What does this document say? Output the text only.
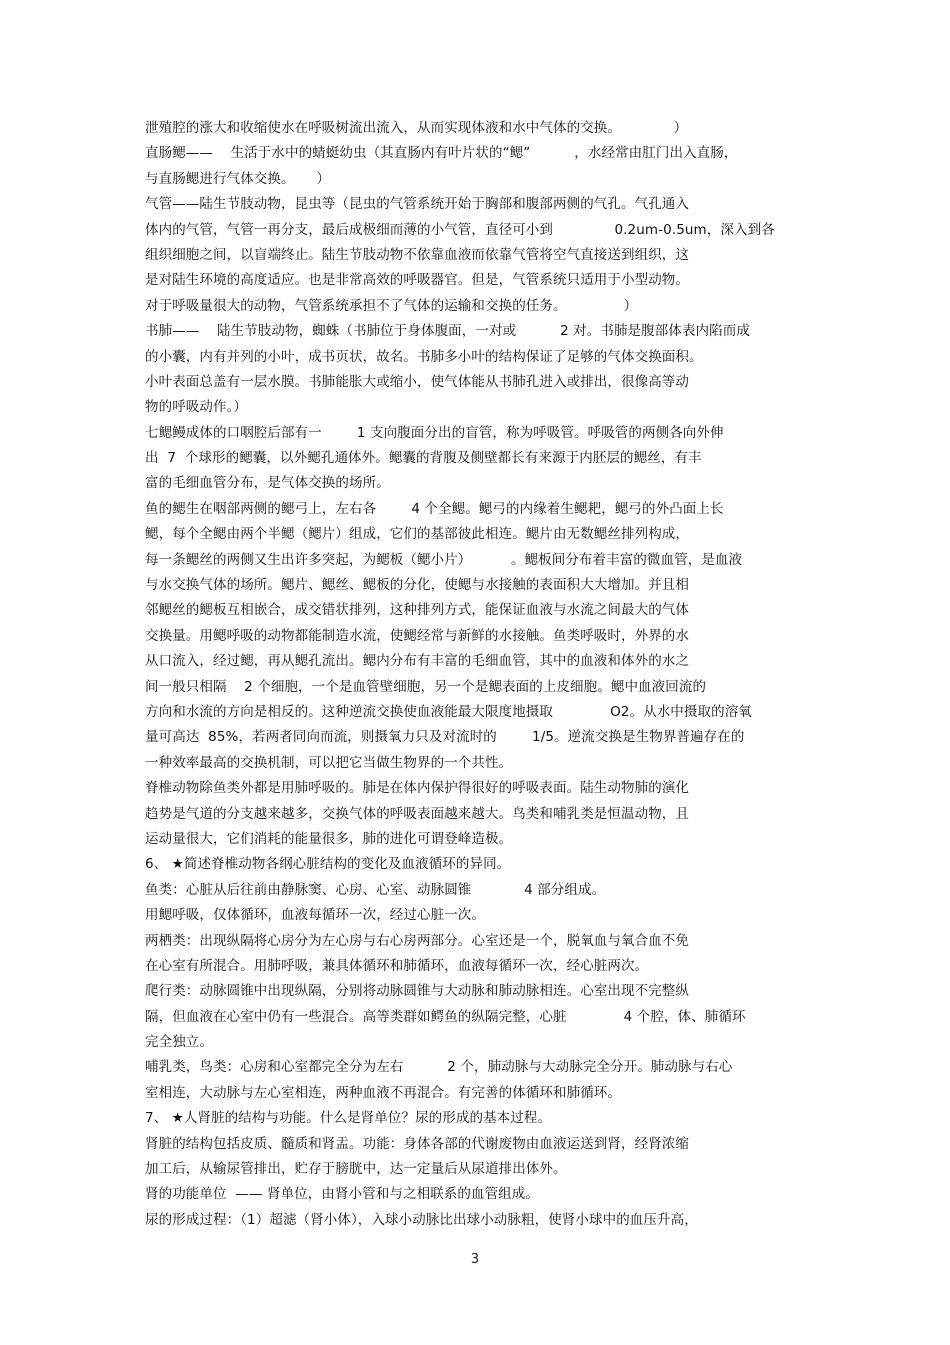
泄殖腔的涨大和收缩使水在呼吸树流出流入，从而实现体液和水中气体的交换。            ）
直肠鳃——    生活于水中的蜻蜓幼虫（其直肠内有叶片状的“鳃”          ，水经常由肛门出入直肠，
与直肠鳃进行气体交换。     ）
气管——陆生节肢动物，昆虫等（昆虫的气管系统开始于胸部和腹部两侧的气孔。气孔通入
体内的气管，气管一再分支，最后成极细而薄的小气管，直径可小到              0.2um-0.5um，深入到各
组织细胞之间，以盲端终止。陆生节肢动物不依靠血液而依靠气管将空气直接送到组织，这
是对陆生环境的高度适应。也是非常高效的呼吸器官。但是，气管系统只适用于小型动物。
对于呼吸量很大的动物，气管系统承担不了气体的运输和交换的任务。             ）
书肺——    陆生节肢动物，蜘蛛（书肺位于身体腹面，一对或          2 对。书肺是腹部体表内陷而成
的小囊，内有并列的小叶，成书页状，故名。书肺多小叶的结构保证了足够的气体交换面积。
小叶表面总盖有一层水膜。书肺能胀大或缩小，使气体能从书肺孔进入或排出，很像高等动
物的呼吸动作。）
七鳃鳗成体的口咽腔后部有一        1 支向腹面分出的盲管，称为呼吸管。呼吸管的两侧各向外伸
出  7  个球形的鳃囊，以外鳃孔通体外。鳃囊的背腹及侧壁都长有来源于内胚层的鳃丝，有丰
富的毛细血管分布，是气体交换的场所。
鱼的鳃生在咽部两侧的鳃弓上，左右各        4 个全鳃。鳃弓的内缘着生鳃耙，鳃弓的外凸面上长
鳃，每个全鳃由两个半鳃（鳃片）组成，它们的基部彼此相连。鳃片由无数鳃丝排列构成，
每一条鳃丝的两侧又生出许多突起，为鳃板（鳃小片）         。鳃板间分布着丰富的微血管，是血液
与水交换气体的场所。鳃片、鳃丝、鳃板的分化，使鳃与水接触的表面积大大增加。并且相
邻鳃丝的鳃板互相嵌合，成交错状排列，这种排列方式，能保证血液与水流之间最大的气体
交换量。用鳃呼吸的动物都能制造水流，使鳃经常与新鲜的水接触。鱼类呼吸时，外界的水
从口流入，经过鳃，再从鳃孔流出。鳃内分布有丰富的毛细血管，其中的血液和体外的水之
间一般只相隔    2 个细胞，一个是血管壁细胞，另一个是鳃表面的上皮细胞。鳃中血液回流的
方向和水流的方向是相反的。这种逆流交换使血液能最大限度地摄取             O2。从水中摄取的溶氧
量可高达  85%，若两者同向而流，则摄氧力只及对流时的        1/5。逆流交换是生物界普遍存在的
一种效率最高的交换机制，可以把它当做生物界的一个共性。
脊椎动物除鱼类外都是用肺呼吸的。肺是在体内保护得很好的呼吸表面。陆生动物肺的演化
趋势是气道的分支越来越多，交换气体的呼吸表面越来越大。鸟类和哺乳类是恒温动物，且
运动量很大，它们消耗的能量很多，肺的进化可谓登峰造极。
6、 ★简述脊椎动物各纲心脏结构的变化及血液循环的异同。
鱼类：心脏从后往前由静脉窦、心房、心室、动脉圆锥            4 部分组成。
用鳃呼吸，仅体循环，血液每循环一次，经过心脏一次。
两栖类：出现纵隔将心房分为左心房与右心房两部分。心室还是一个，脱氧血与氧合血不免
在心室有所混合。用肺呼吸，兼具体循环和肺循环，血液每循环一次，经心脏两次。
爬行类：动脉圆锥中出现纵隔，分别将动脉圆锥与大动脉和肺动脉相连。心室出现不完整纵
隔，但血液在心室中仍有一些混合。高等类群如鳄鱼的纵隔完整，心脏             4 个腔，体、肺循环
完全独立。
哺乳类，鸟类：心房和心室都完全分为左右          2 个，肺动脉与大动脉完全分开。肺动脉与右心
室相连，大动脉与左心室相连，两种血液不再混合。有完善的体循环和肺循环。
7、 ★人肾脏的结构与功能。什么是肾单位？尿的形成的基本过程。
肾脏的结构包括皮质、髓质和肾盂。功能：身体各部的代谢废物由血液运送到肾，经肾浓缩
加工后，从输尿管排出，贮存于膀胱中，达一定量后从尿道排出体外。
肾的功能单位  —— 肾单位，由肾小管和与之相联系的血管组成。
尿的形成过程：（1）超滤（肾小体），入球小动脉比出球小动脉粗，使肾小球中的血压升高，
3
